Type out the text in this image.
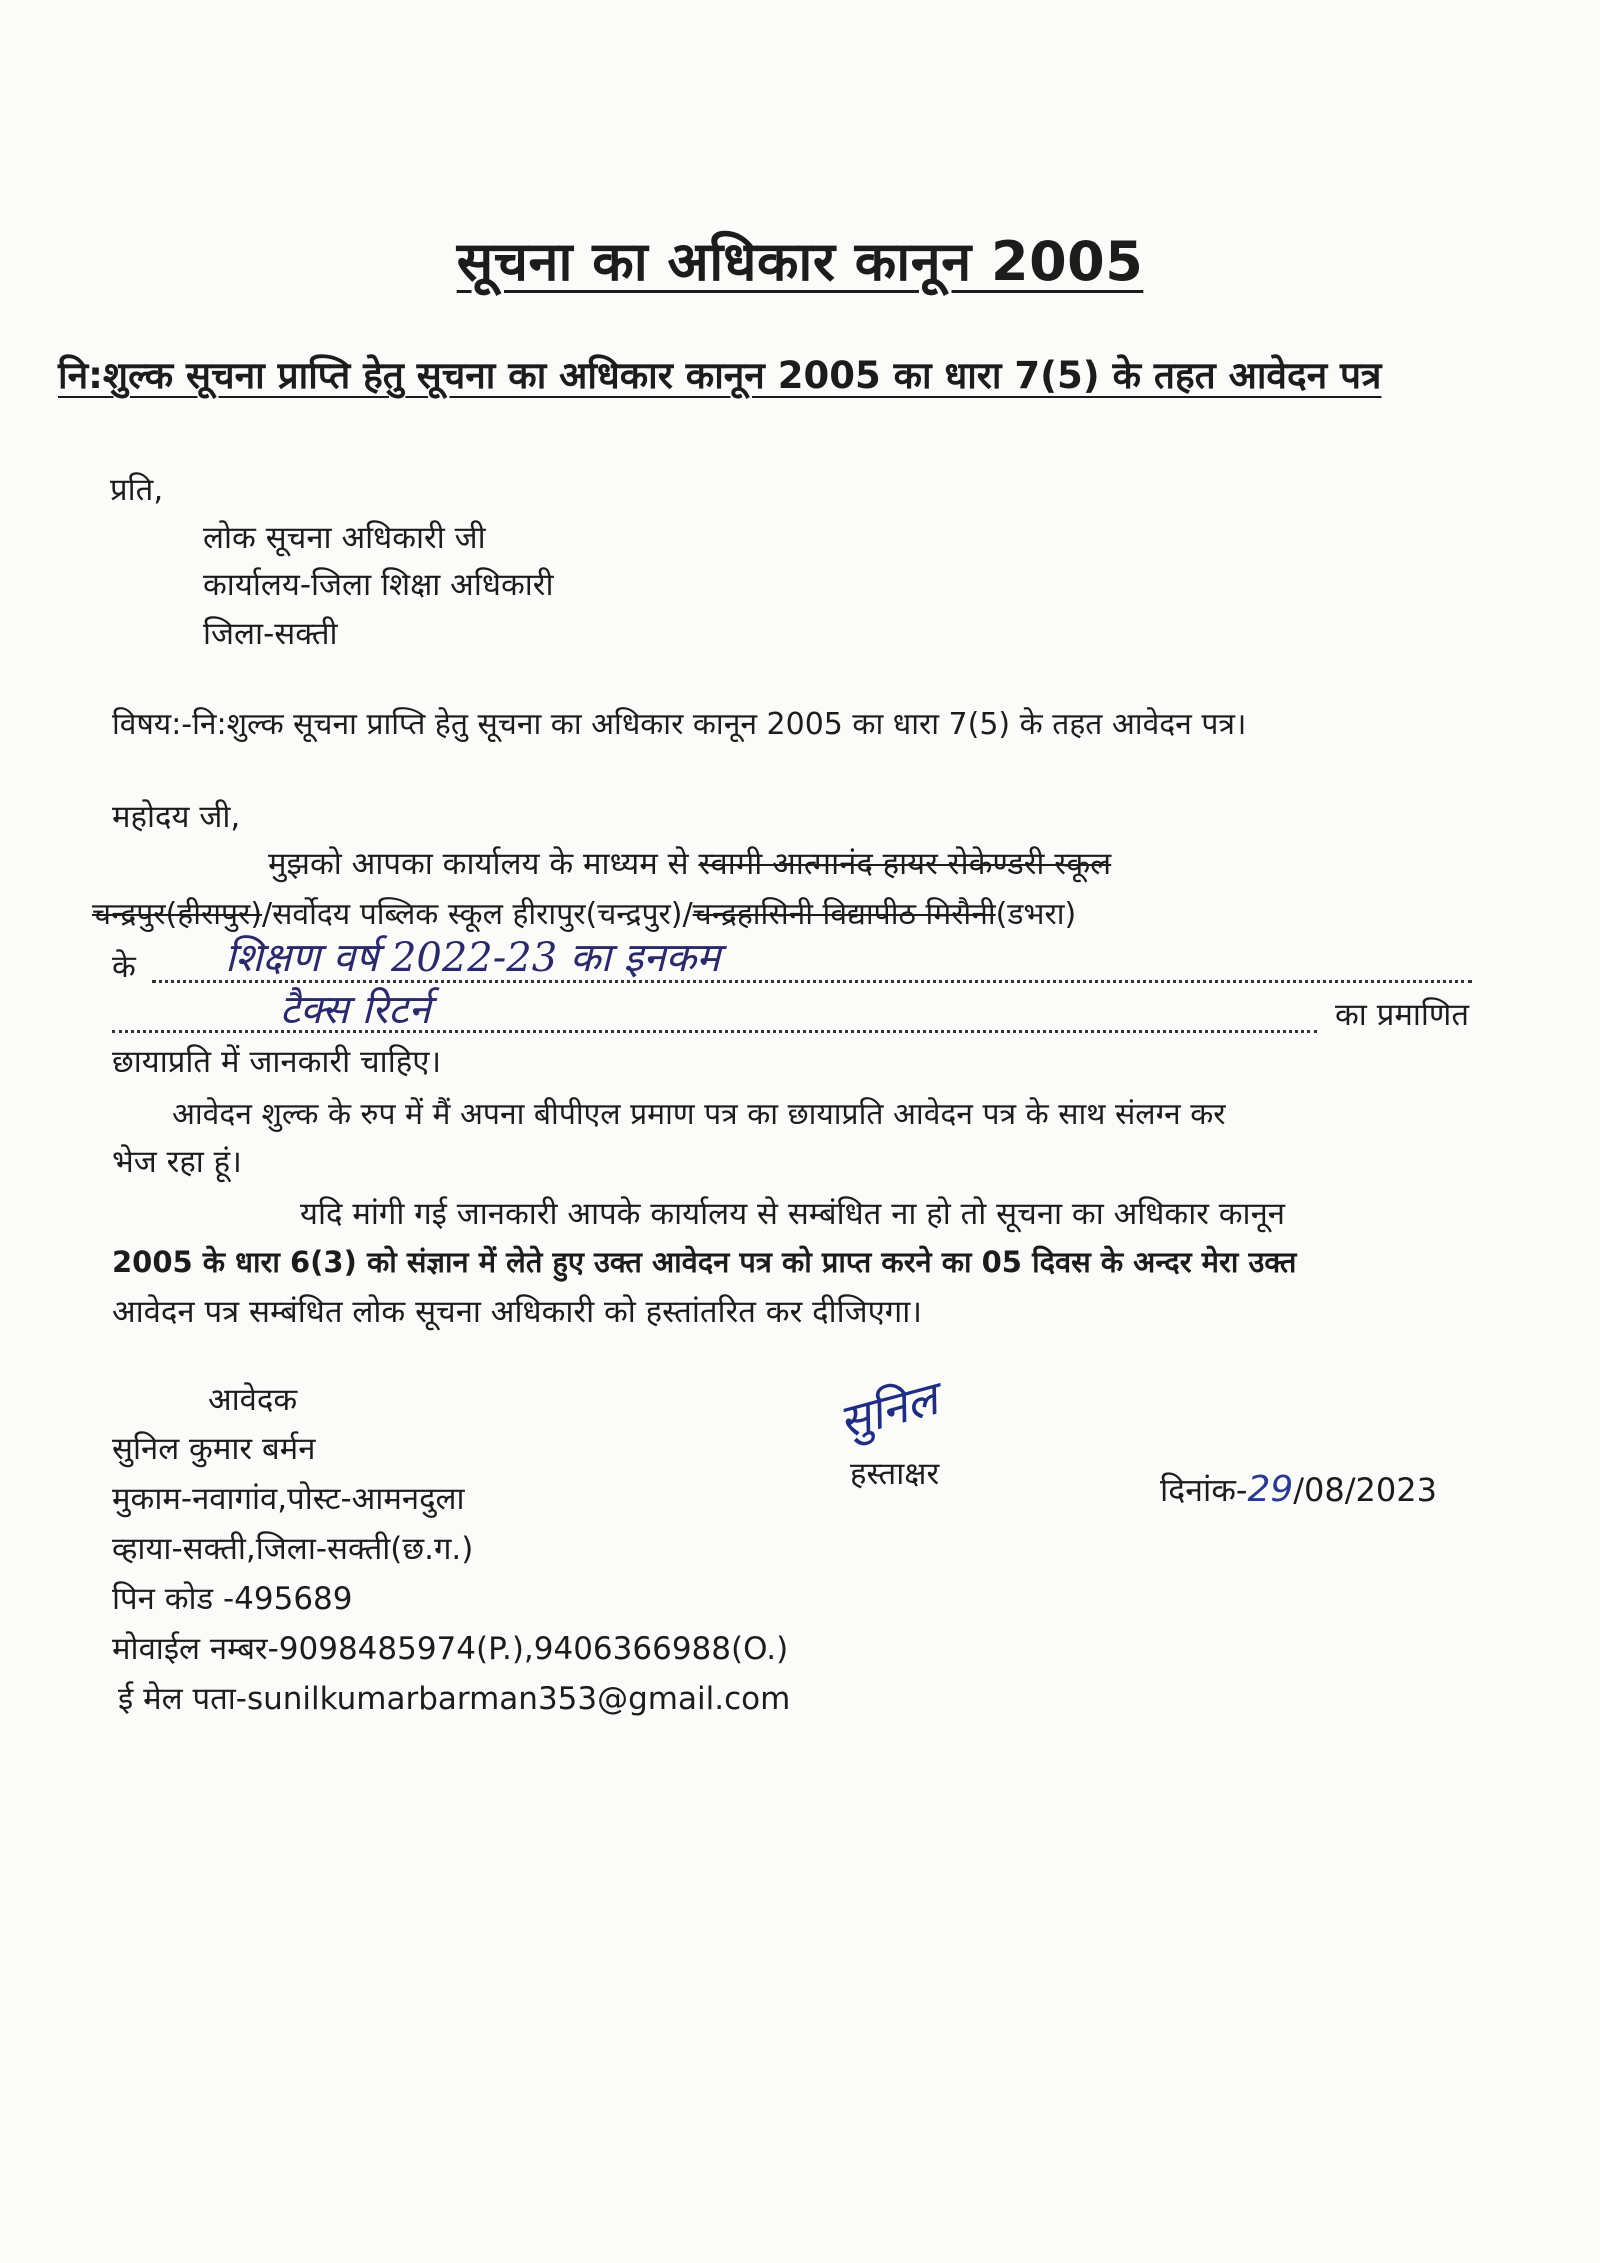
सूचना का अधिकार कानून 2005
नि:शुल्क सूचना प्राप्ति हेतु सूचना का अधिकार कानून 2005 का धारा 7(5) के तहत आवेदन पत्र
प्रति,
लोक सूचना अधिकारी जी
कार्यालय-जिला शिक्षा अधिकारी
जिला-सक्ती
विषय:-नि:शुल्क सूचना प्राप्ति हेतु सूचना का अधिकार कानून 2005 का धारा 7(5) के तहत आवेदन पत्र।
महोदय जी,
मुझको आपका कार्यालय के माध्यम से स्वामी आत्मानंद हायर सेकेण्डरी स्कूल
चन्द्रपुर(हीरापुर)/सर्वोदय पब्लिक स्कूल हीरापुर(चन्द्रपुर)/चन्द्रहासिनी विद्यापीठ मिरौनी(डभरा)
के शिक्षण वर्ष 2022-23 का इनकम
टैक्स रिटर्न	का प्रमाणित
छायाप्रति में जानकारी चाहिए।
आवेदन शुल्क के रुप में मैं अपना बीपीएल प्रमाण पत्र का छायाप्रति आवेदन पत्र के साथ संलग्न कर
भेज रहा हूं।
यदि मांगी गई जानकारी आपके कार्यालय से सम्बंधित ना हो तो सूचना का अधिकार कानून
2005 के धारा 6(3) को संज्ञान में लेते हुए उक्त आवेदन पत्र को प्राप्त करने का 05 दिवस के अन्दर मेरा उक्त
आवेदन पत्र सम्बंधित लोक सूचना अधिकारी को हस्तांतरित कर दीजिएगा।
आवेदक
सुनिल कुमार बर्मन
मुकाम-नवागांव,पोस्ट-आमनदुला
व्हाया-सक्ती,जिला-सक्ती(छ.ग.)
पिन कोड -495689
मोवाईल नम्बर-9098485974(P.),9406366988(O.)
ई मेल पता-sunilkumarbarman353@gmail.com
सुनिल
हस्ताक्षर	दिनांक-29/08/2023
